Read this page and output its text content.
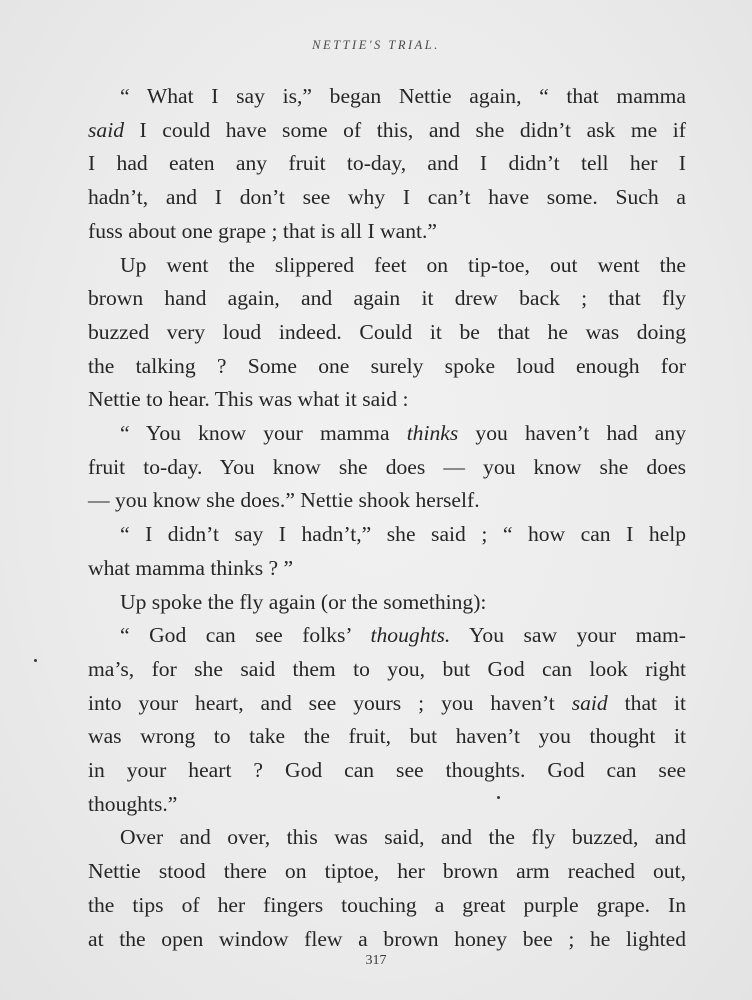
NETTIE'S TRIAL.
“ What I say is,” began Nettie again, “ that mamma
said I could have some of this, and she didn’t ask me if
I had eaten any fruit to-day, and I didn’t tell her I
hadn’t, and I don’t see why I can’t have some. Such a
fuss about one grape ; that is all I want.”
Up went the slippered feet on tip-toe, out went the
brown hand again, and again it drew back ; that fly
buzzed very loud indeed. Could it be that he was doing
the talking ? Some one surely spoke loud enough for
Nettie to hear. This was what it said :
“ You know your mamma thinks you haven’t had any
fruit to-day. You know she does — you know she does
— you know she does.” Nettie shook herself.
“ I didn’t say I hadn’t,” she said ; “ how can I help
what mamma thinks ? ”
Up spoke the fly again (or the something):
“ God can see folks’ thoughts. You saw your mam-
ma’s, for she said them to you, but God can look right
into your heart, and see yours ; you haven’t said that it
was wrong to take the fruit, but haven’t you thought it
in your heart ? God can see thoughts. God can see
thoughts.”
Over and over, this was said, and the fly buzzed, and
Nettie stood there on tiptoe, her brown arm reached out,
the tips of her fingers touching a great purple grape. In
at the open window flew a brown honey bee ; he lighted
317
